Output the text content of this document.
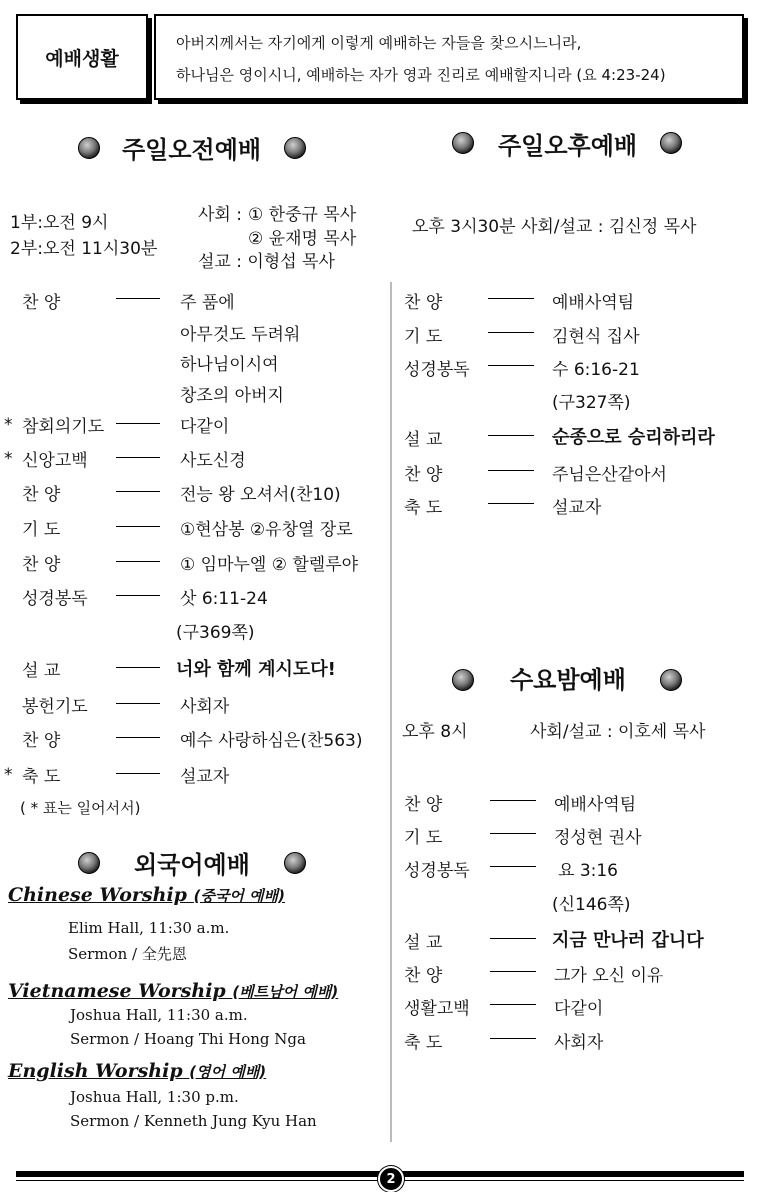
예배생활
아버지께서는 자기에게 이렇게 예배하는 자들을 찾으시느니라,
하나님은 영이시니, 예배하는 자가 영과 진리로 예배할지니라 (요 4:23-24)
주일오전예배	주일오후예배
1부:오전 9시
2부:오전 11시30분
사회 : ① 한중규 목사
② 윤재명 목사
설교 : 이형섭 목사
오후 3시30분 사회/설교 : 김신정 목사
찬 양	주 품에
아무것도 두려워
하나님이시여
창조의 아버지
* 참회의기도	다같이
* 신앙고백	사도신경
찬 양	전능 왕 오셔서(찬10)
기 도	①현삼봉 ②유창열 장로
찬 양	① 임마누엘 ② 할렐루야
성경봉독	삿 6:11-24
(구369쪽)
설 교	너와 함께 계시도다!
봉헌기도	사회자
찬 양	예수 사랑하심은(찬563)
* 축 도	설교자
( * 표는 일어서서)
찬 양	예배사역팀
기 도	김현식 집사
성경봉독	수 6:16-21
(구327쪽)
설 교	순종으로 승리하리라
찬 양	주님은산같아서
축 도	설교자
수요밤예배
오후 8시	사회/설교 : 이호세 목사
찬 양	예배사역팀
기 도	정성현 권사
성경봉독	요 3:16
(신146쪽)
설 교	지금 만나러 갑니다
찬 양	그가 오신 이유
생활고백	다같이
축 도	사회자
외국어예배
Chinese Worship (중국어 예배)
Elim Hall, 11:30 a.m.
Sermon / 全先恩
Vietnamese Worship (베트남어 예배)
Joshua Hall, 11:30 a.m.
Sermon / Hoang Thi Hong Nga
English Worship (영어 예배)
Joshua Hall, 1:30 p.m.
Sermon / Kenneth Jung Kyu Han
2
